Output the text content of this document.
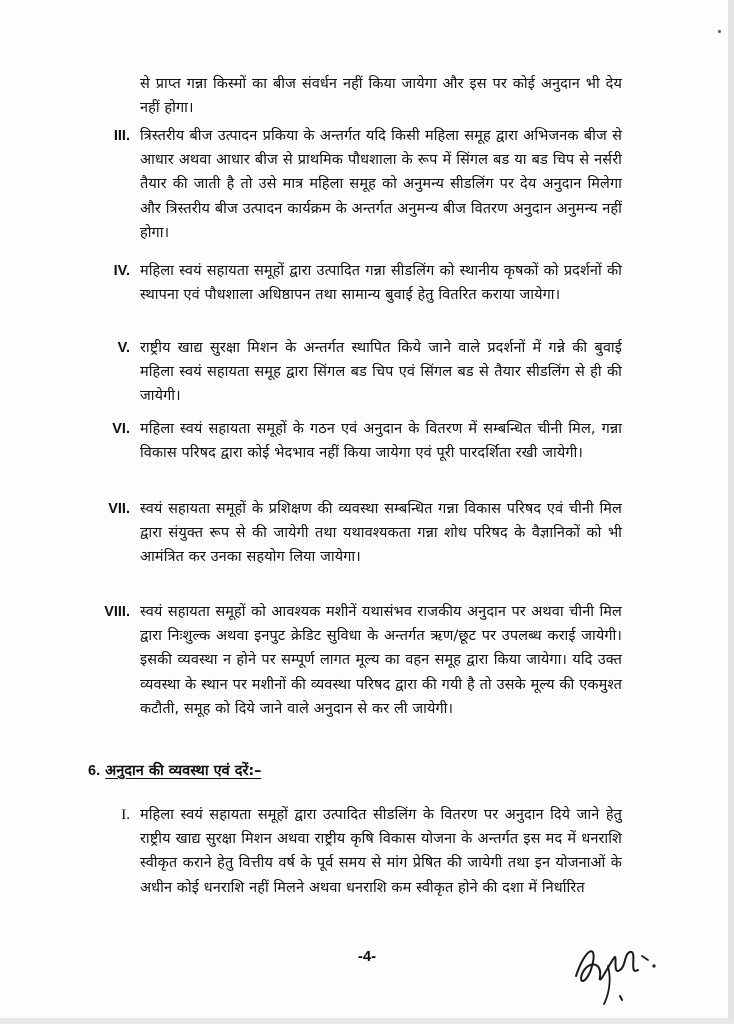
से प्राप्त गन्ना किस्मों का बीज संवर्धन नहीं किया जायेगा और इस पर कोई अनुदान भी देय नहीं होगा।
III. त्रिस्तरीय बीज उत्पादन प्रकिया के अन्तर्गत यदि किसी महिला समूह द्वारा अभिजनक बीज से आधार अथवा आधार बीज से प्राथमिक पौधशाला के रूप में सिंगल बड या बड चिप से नर्सरी तैयार की जाती है तो उसे मात्र महिला समूह को अनुमन्य सीडलिंग पर देय अनुदान मिलेगा और त्रिस्तरीय बीज उत्पादन कार्यक्रम के अन्तर्गत अनुमन्य बीज वितरण अनुदान अनुमन्य नहीं होगा।
IV. महिला स्वयं सहायता समूहों द्वारा उत्पादित गन्ना सीडलिंग को स्थानीय कृषकों को प्रदर्शनों की स्थापना एवं पौधशाला अधिष्ठापन तथा सामान्य बुवाई हेतु वितरित कराया जायेगा।
V. राष्ट्रीय खाद्य सुरक्षा मिशन के अन्तर्गत स्थापित किये जाने वाले प्रदर्शनों में गन्ने की बुवाई महिला स्वयं सहायता समूह द्वारा सिंगल बड चिप एवं सिंगल बड से तैयार सीडलिंग से ही की जायेगी।
VI. महिला स्वयं सहायता समूहों के गठन एवं अनुदान के वितरण में सम्बन्धित चीनी मिल, गन्ना विकास परिषद द्वारा कोई भेदभाव नहीं किया जायेगा एवं पूरी पारदर्शिता रखी जायेगी।
VII. स्वयं सहायता समूहों के प्रशिक्षण की व्यवस्था सम्बन्धित गन्ना विकास परिषद एवं चीनी मिल द्वारा संयुक्त रूप से की जायेगी तथा यथावश्यकता गन्ना शोध परिषद के वैज्ञानिकों को भी आमंत्रित कर उनका सहयोग लिया जायेगा।
VIII. स्वयं सहायता समूहों को आवश्यक मशीनें यथासंभव राजकीय अनुदान पर अथवा चीनी मिल द्वारा निःशुल्क अथवा इनपुट क्रेडिट सुविधा के अन्तर्गत ऋण/छूट पर उपलब्ध कराई जायेगी। इसकी व्यवस्था न होने पर सम्पूर्ण लागत मूल्य का वहन समूह द्वारा किया जायेगा। यदि उक्त व्यवस्था के स्थान पर मशीनों की व्यवस्था परिषद द्वारा की गयी है तो उसके मूल्य की एकमुश्त कटौती, समूह को दिये जाने वाले अनुदान से कर ली जायेगी।
6. अनुदान की व्यवस्था एवं दरें:–
I. महिला स्वयं सहायता समूहों द्वारा उत्पादित सीडलिंग के वितरण पर अनुदान दिये जाने हेतु राष्ट्रीय खाद्य सुरक्षा मिशन अथवा राष्ट्रीय कृषि विकास योजना के अन्तर्गत इस मद में धनराशि स्वीकृत कराने हेतु वित्तीय वर्ष के पूर्व समय से मांग प्रेषित की जायेगी तथा इन योजनाओं के अधीन कोई धनराशि नहीं मिलने अथवा धनराशि कम स्वीकृत होने की दशा में निर्धारित
-4-
